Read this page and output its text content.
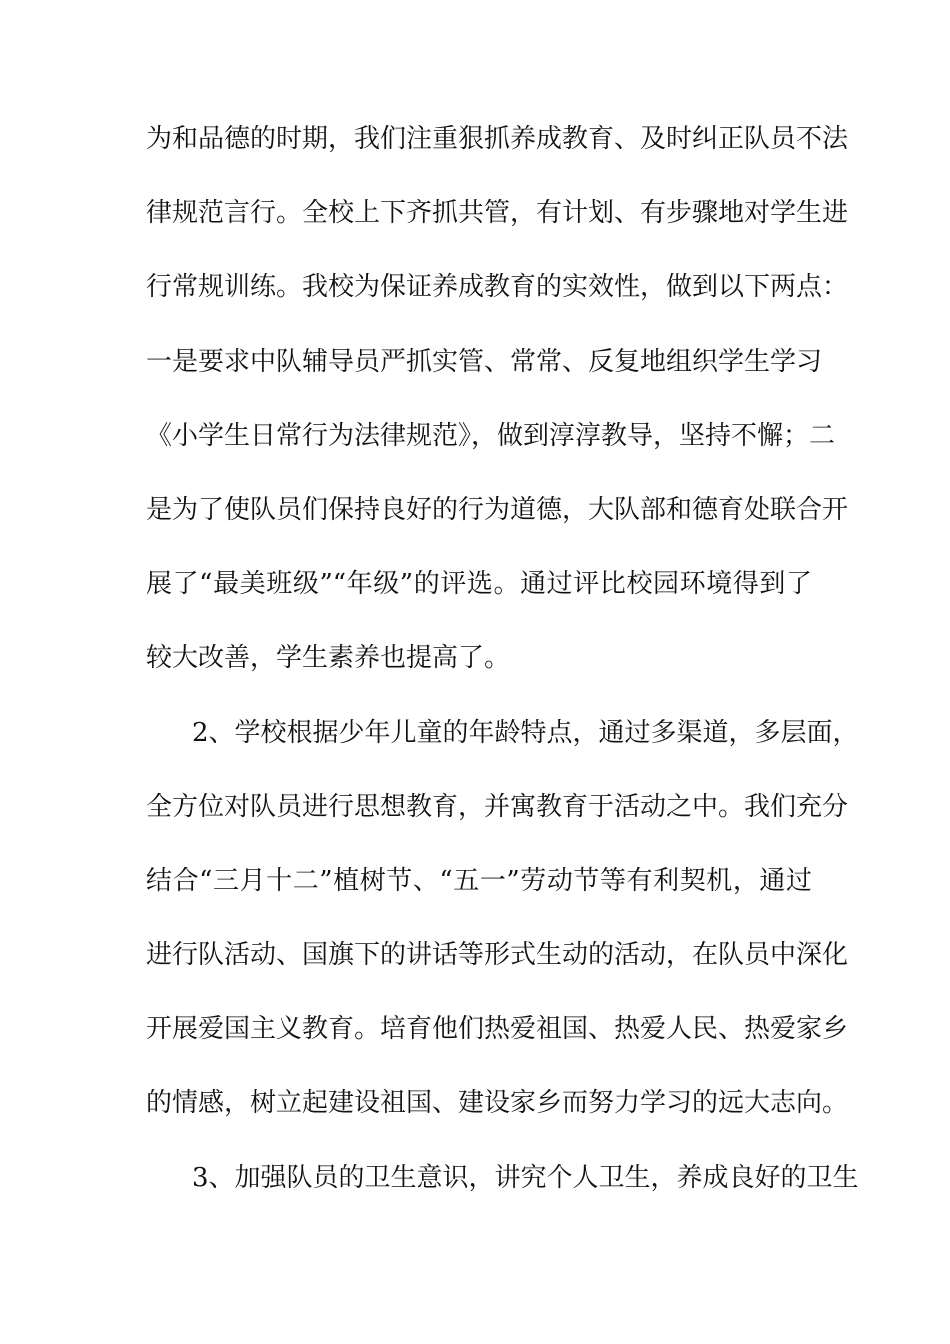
为和品德的时期，我们注重狠抓养成教育、及时纠正队员不法
律规范言行。全校上下齐抓共管，有计划、有步骤地对学生进
行常规训练。我校为保证养成教育的实效性，做到以下两点：
一是要求中队辅导员严抓实管、常常、反复地组织学生学习
《小学生日常行为法律规范》，做到淳淳教导，坚持不懈；二
是为了使队员们保持良好的行为道德，大队部和德育处联合开
展了“最美班级”“年级”的评选。通过评比校园环境得到了
较大改善，学生素养也提高了。
2、学校根据少年儿童的年龄特点，通过多渠道，多层面，
全方位对队员进行思想教育，并寓教育于活动之中。我们充分
结合“三月十二”植树节、“五一”劳动节等有利契机，通过
进行队活动、国旗下的讲话等形式生动的活动，在队员中深化
开展爱国主义教育。培育他们热爱祖国、热爱人民、热爱家乡
的情感，树立起建设祖国、建设家乡而努力学习的远大志向。
3、加强队员的卫生意识，讲究个人卫生，养成良好的卫生
